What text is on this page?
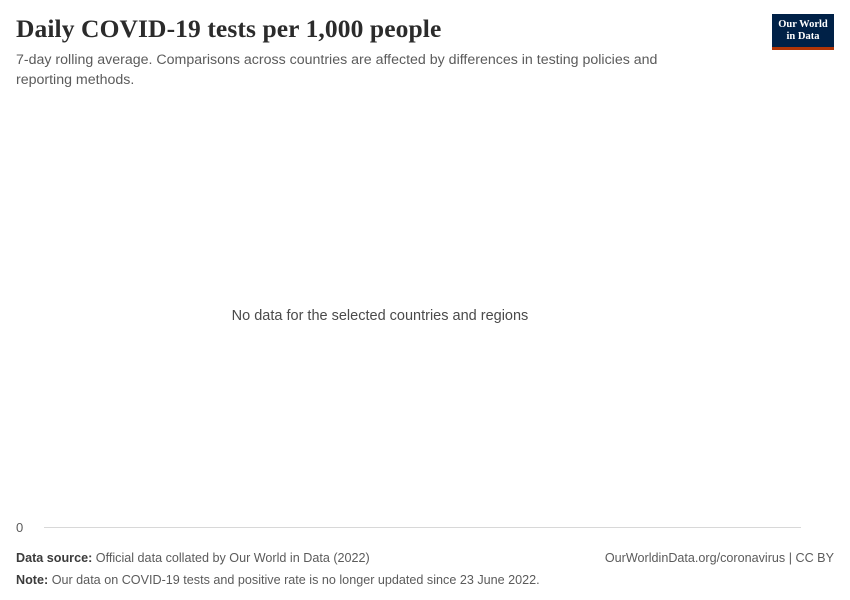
Daily COVID-19 tests per 1,000 people

7-day rolling average. Comparisons across countries are affected by differences in testing policies and reporting methods.

Our World
in Data
No data for the selected countries and regions
0
Data source: Official data collated by Our World in Data (2022)	OurWorldinData.org/coronavirus | CC BY
Note: Our data on COVID-19 tests and positive rate is no longer updated since 23 June 2022.
